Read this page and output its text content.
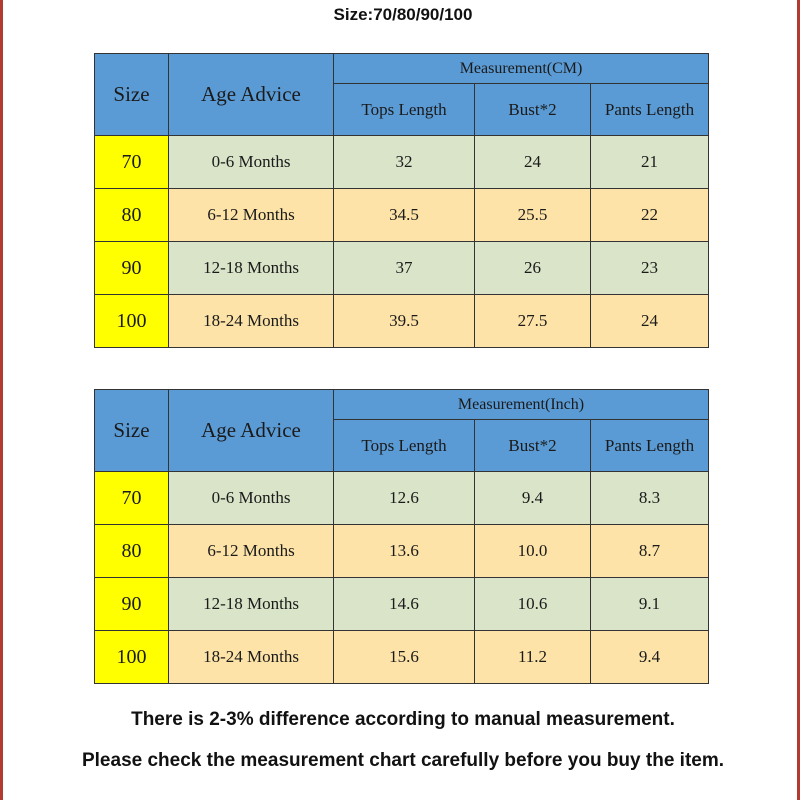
Size:70/80/90/100
Size	Age Advice	Measurement(CM)		
		Tops Length	Bust*2	Pants Length
70	0-6 Months	32	24	21
80	6-12 Months	34.5	25.5	22
90	12-18 Months	37	26	23
100	18-24 Months	39.5	27.5	24
Size	Age Advice	Measurement(Inch)		
		Tops Length	Bust*2	Pants Length
70	0-6 Months	12.6	9.4	8.3
80	6-12 Months	13.6	10.0	8.7
90	12-18 Months	14.6	10.6	9.1
100	18-24 Months	15.6	11.2	9.4
There is 2-3% difference according to manual measurement.
Please check the measurement chart carefully before you buy the item.
